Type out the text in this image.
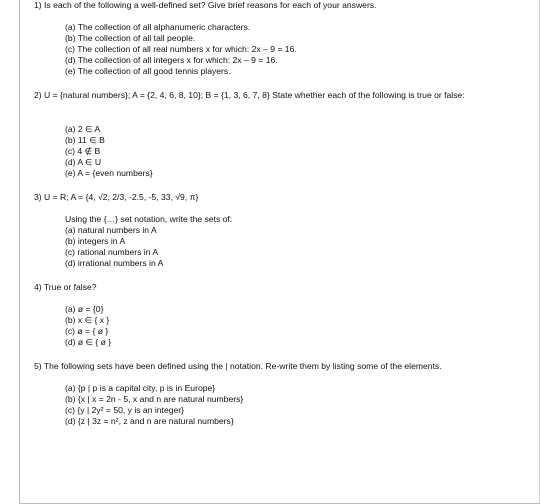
1) Is each of the following a well-defined set? Give brief reasons for each of your answers.
(a) The collection of all alphanumeric characters.
(b) The collection of all tall people.
(c) The collection of all real numbers x for which: 2x – 9 = 16.
(d) The collection of all integers x for which: 2x – 9 = 16.
(e) The collection of all good tennis players.
2) U = {natural numbers}; A = {2, 4, 6, 8, 10}; B = {1, 3, 6, 7, 8} State whether each of the following is true or false:
(a) 2 ∈ A
(b) 11 ∈ B
(c) 4 ∉ B
(d) A ∈ U
(e) A = {even numbers}
3) U = R; A = {4, √2, 2/3, -2.5, -5, 33, √9, π}
Using the {…} set notation, write the sets of:
(a) natural numbers in A
(b) integers in A
(c) rational numbers in A
(d) irrational numbers in A
4) True or false?
(a) ø = {0}
(b) x ∈ { x }
(c) ø = { ø }
(d) ø ∈ { ø }
5) The following sets have been defined using the | notation. Re-write them by listing some of the elements.
(a) {p | p is a capital city, p is in Europe}
(b) {x | x = 2n - 5, x and n are natural numbers}
(c) {y | 2y² = 50, y is an integer}
(d) {z | 3z = n², z and n are natural numbers}
